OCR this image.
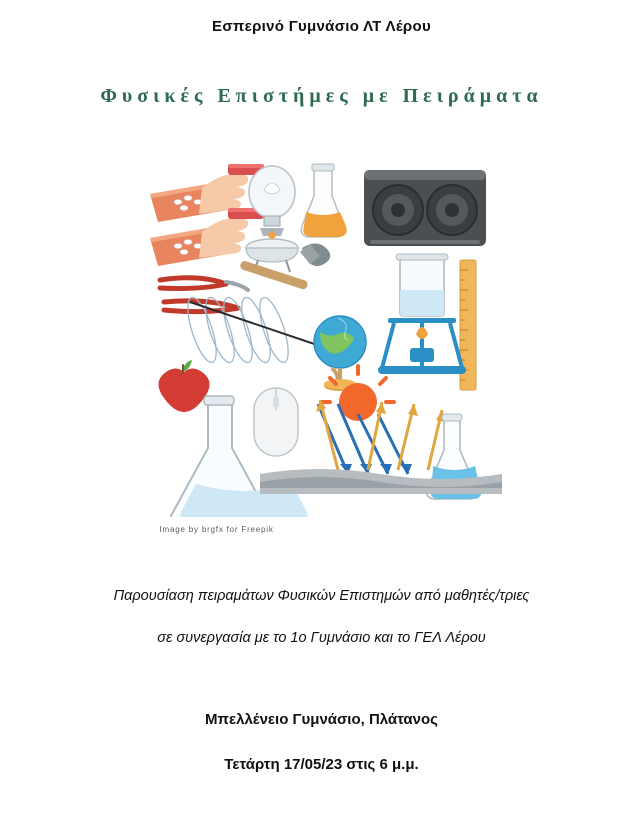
Εσπερινό Γυμνάσιο ΛΤ Λέρου
Φυσικές Επιστήμες με Πειράματα
Image by brgfx for Freepik
Παρουσίαση πειραμάτων Φυσικών Επιστημών από μαθητές/τριες
σε συνεργασία με το 1ο Γυμνάσιο και το ΓΕΛ Λέρου
Μπελλένειο Γυμνάσιο, Πλάτανος
Τετάρτη 17/05/23 στις 6 μ.μ.
